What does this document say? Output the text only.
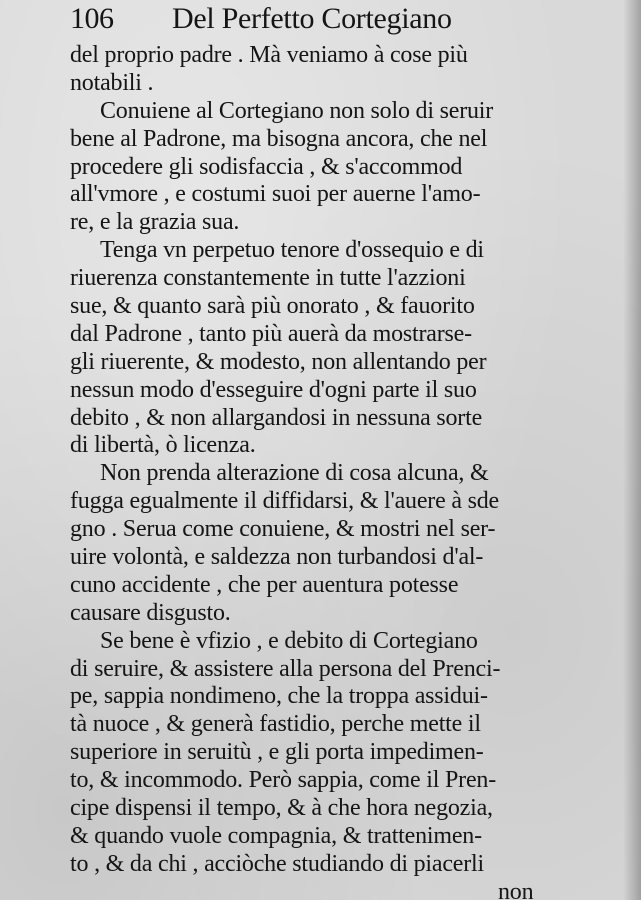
106 Del Perfetto Cortegiano
del proprio padre . Mà veniamo à cose più
notabili .
Conuiene al Cortegiano non solo di seruir
bene al Padrone, ma bisogna ancora, che nel
procedere gli sodisfaccia , & s'accommod
all'vmore , e costumi suoi per auerne l'amo-
re, e la grazia sua.
Tenga vn perpetuo tenore d'ossequio e di
riuerenza constantemente in tutte l'azzioni
sue, & quanto sarà più onorato , & fauorito
dal Padrone , tanto più auerà da mostrarse-
gli riuerente, & modesto, non allentando per
nessun modo d'esseguire d'ogni parte il suo
debito , & non allargandosi in nessuna sorte
di libertà, ò licenza.
Non prenda alterazione di cosa alcuna, &
fugga egualmente il diffidarsi, & l'auere à sde
gno . Serua come conuiene, & mostri nel ser-
uire volontà, e saldezza non turbandosi d'al-
cuno accidente , che per auentura potesse
causare disgusto.
Se bene è vfizio , e debito di Cortegiano
di seruire, & assistere alla persona del Prenci-
pe, sappia nondimeno, che la troppa assidui-
tà nuoce , & generà fastidio, perche mette il
superiore in seruitù , e gli porta impedimen-
to, & incommodo. Però sappia, come il Pren-
cipe dispensi il tempo, & à che hora negozia,
& quando vuole compagnia, & trattenimen-
to , & da chi , acciòche studiando di piacerli
non
